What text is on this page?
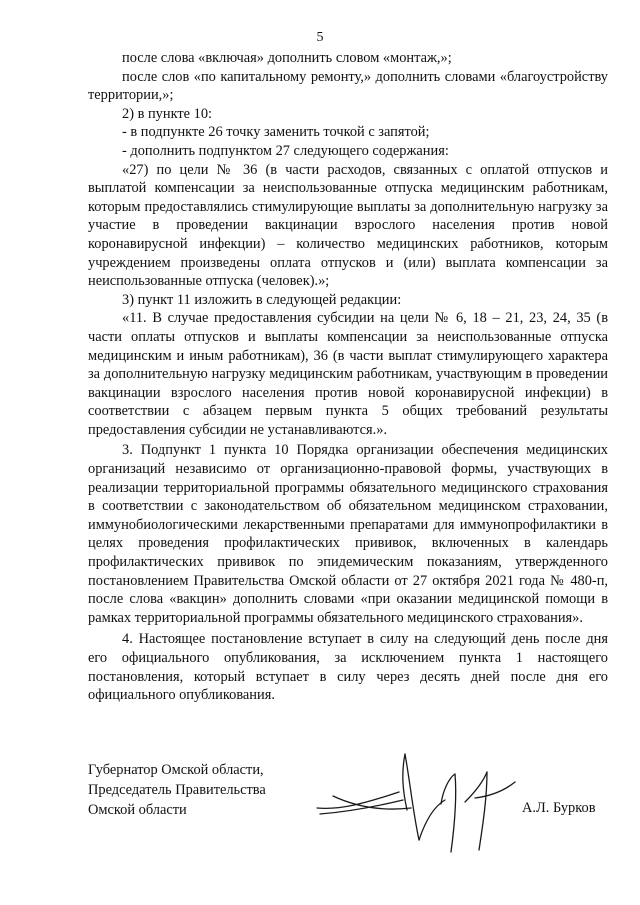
5

после слова «включая» дополнить словом «монтаж,»;

после слов «по капитальному ремонту,» дополнить словами «благоустройству территории,»;

2) в пункте 10:

- в подпункте 26 точку заменить точкой с запятой;

- дополнить подпунктом 27 следующего содержания:

«27) по цели № 36 (в части расходов, связанных с оплатой отпусков и выплатой компенсации за неиспользованные отпуска медицинским работникам, которым предоставлялись стимулирующие выплаты за дополнительную нагрузку за участие в проведении вакцинации взрослого населения против новой коронавирусной инфекции) – количество медицинских работников, которым учреждением произведены оплата отпусков и (или) выплата компенсации за неиспользованные отпуска (человек).»;

3) пункт 11 изложить в следующей редакции:

«11. В случае предоставления субсидии на цели № 6, 18 – 21, 23, 24, 35 (в части оплаты отпусков и выплаты компенсации за неиспользованные отпуска медицинским и иным работникам), 36 (в части выплат стимулирующего характера за дополнительную нагрузку медицинским работникам, участвующим в проведении вакцинации взрослого населения против новой коронавирусной инфекции) в соответствии с абзацем первым пункта 5 общих требований результаты предоставления субсидии не устанавливаются.».

3. Подпункт 1 пункта 10 Порядка организации обеспечения медицинских организаций независимо от организационно-правовой формы, участвующих в реализации территориальной программы обязательного медицинского страхования в соответствии с законодательством об обязательном медицинском страховании, иммунобиологическими лекарственными препаратами для иммунопрофилактики в целях проведения профилактических прививок, включенных в календарь профилактических прививок по эпидемическим показаниям, утвержденного постановлением Правительства Омской области от 27 октября 2021 года № 480-п, после слова «вакцин» дополнить словами «при оказании медицинской помощи в рамках территориальной программы обязательного медицинского страхования».

4. Настоящее постановление вступает в силу на следующий день после дня его официального опубликования, за исключением пункта 1 настоящего постановления, который вступает в силу через десять дней после дня его официального опубликования.

Губернатор Омской области,
Председатель Правительства
Омской области	А.Л. Бурков
